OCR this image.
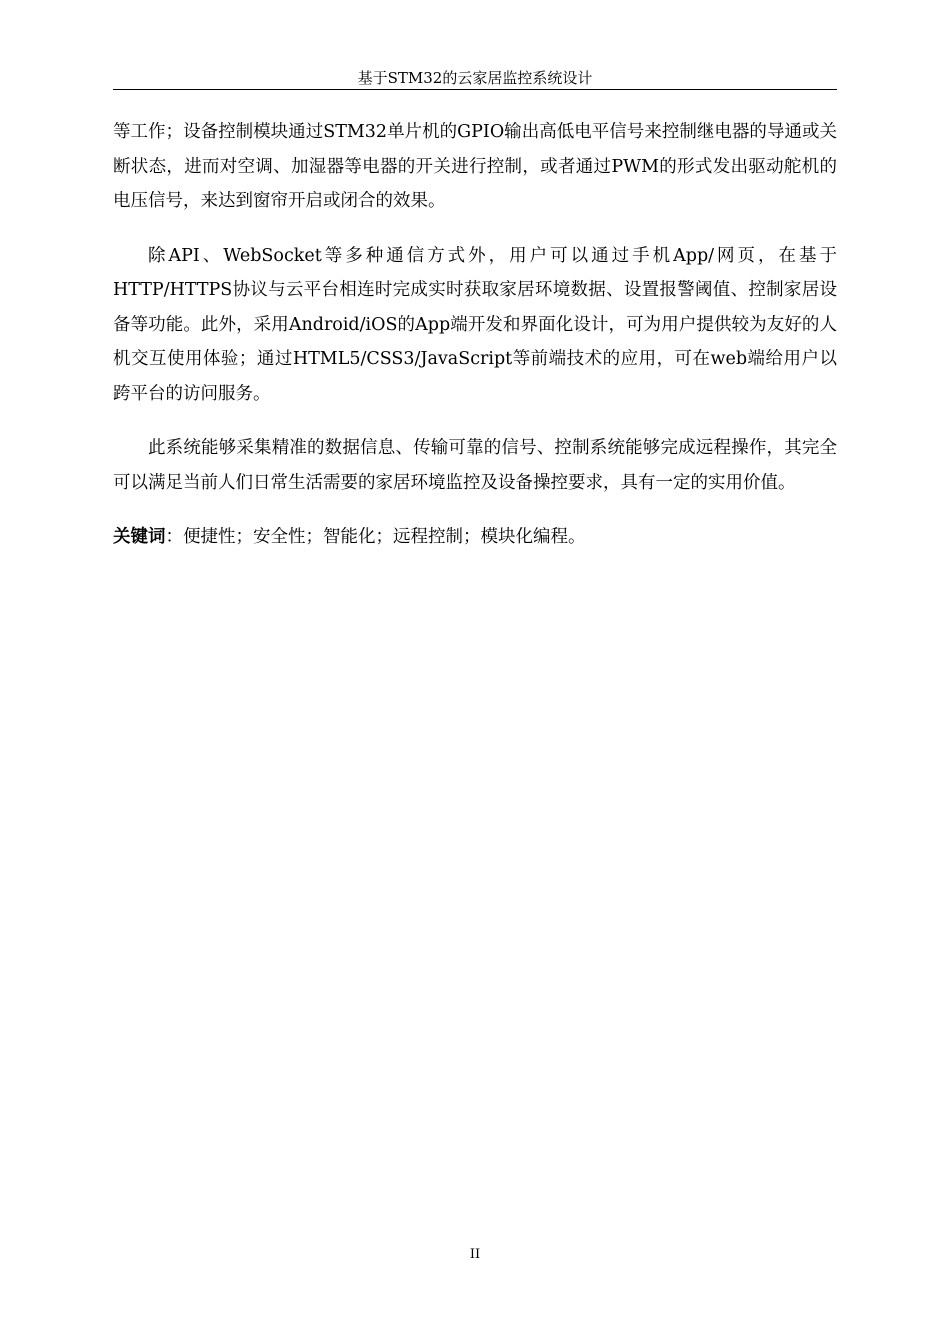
基于STM32的云家居监控系统设计

等工作；设备控制模块通过STM32单片机的GPIO输出高低电平信号来控制继电器的导通或关断状态，进而对空调、加湿器等电器的开关进行控制，或者通过PWM的形式发出驱动舵机的电压信号，来达到窗帘开启或闭合的效果。

除API、WebSocket等多种通信方式外，用户可以通过手机App/网页，在基于HTTP/HTTPS协议与云平台相连时完成实时获取家居环境数据、设置报警阈值、控制家居设备等功能。此外，采用Android/iOS的App端开发和界面化设计，可为用户提供较为友好的人机交互使用体验；通过HTML5/CSS3/JavaScript等前端技术的应用，可在web端给用户以跨平台的访问服务。

此系统能够采集精准的数据信息、传输可靠的信号、控制系统能够完成远程操作，其完全可以满足当前人们日常生活需要的家居环境监控及设备操控要求，具有一定的实用价值。

关键词：便捷性；安全性；智能化；远程控制；模块化编程。

II
